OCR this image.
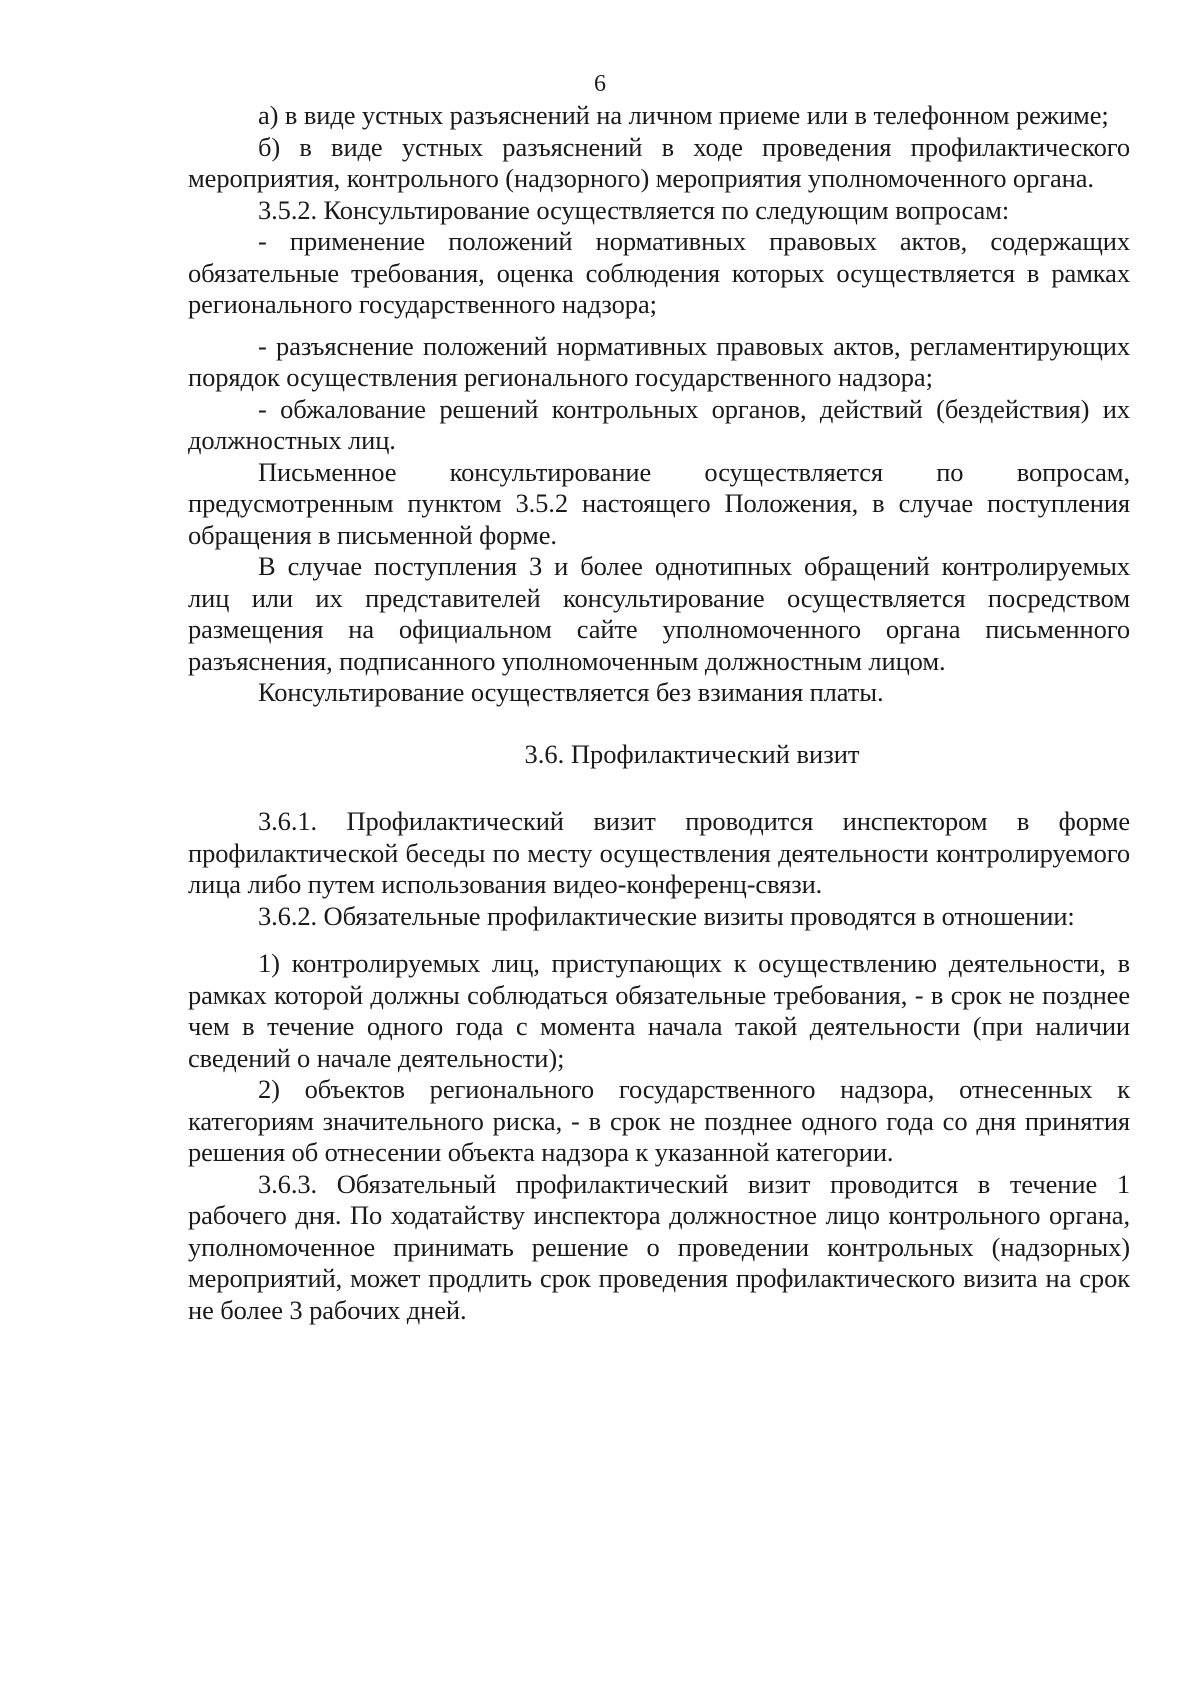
6

а) в виде устных разъяснений на личном приеме или в телефонном режиме;

б) в виде устных разъяснений в ходе проведения профилактического мероприятия, контрольного (надзорного) мероприятия уполномоченного органа.

3.5.2. Консультирование осуществляется по следующим вопросам:

- применение положений нормативных правовых актов, содержащих обязательные требования, оценка соблюдения которых осуществляется в рамках регионального государственного надзора;

- разъяснение положений нормативных правовых актов, регламентирующих порядок осуществления регионального государственного надзора;

- обжалование решений контрольных органов, действий (бездействия) их должностных лиц.

Письменное консультирование осуществляется по вопросам, предусмотренным пунктом 3.5.2 настоящего Положения, в случае поступления обращения в письменной форме.

В случае поступления 3 и более однотипных обращений контролируемых лиц или их представителей консультирование осуществляется посредством размещения на официальном сайте уполномоченного органа письменного разъяснения, подписанного уполномоченным должностным лицом.

Консультирование осуществляется без взимания платы.

3.6. Профилактический визит

3.6.1. Профилактический визит проводится инспектором в форме профилактической беседы по месту осуществления деятельности контролируемого лица либо путем использования видео-конференц-связи.

3.6.2. Обязательные профилактические визиты проводятся в отношении:

1) контролируемых лиц, приступающих к осуществлению деятельности, в рамках которой должны соблюдаться обязательные требования, - в срок не позднее чем в течение одного года с момента начала такой деятельности (при наличии сведений о начале деятельности);

2) объектов регионального государственного надзора, отнесенных к категориям значительного риска, - в срок не позднее одного года со дня принятия решения об отнесении объекта надзора к указанной категории.

3.6.3. Обязательный профилактический визит проводится в течение 1 рабочего дня. По ходатайству инспектора должностное лицо контрольного органа, уполномоченное принимать решение о проведении контрольных (надзорных) мероприятий, может продлить срок проведения профилактического визита на срок не более 3 рабочих дней.
